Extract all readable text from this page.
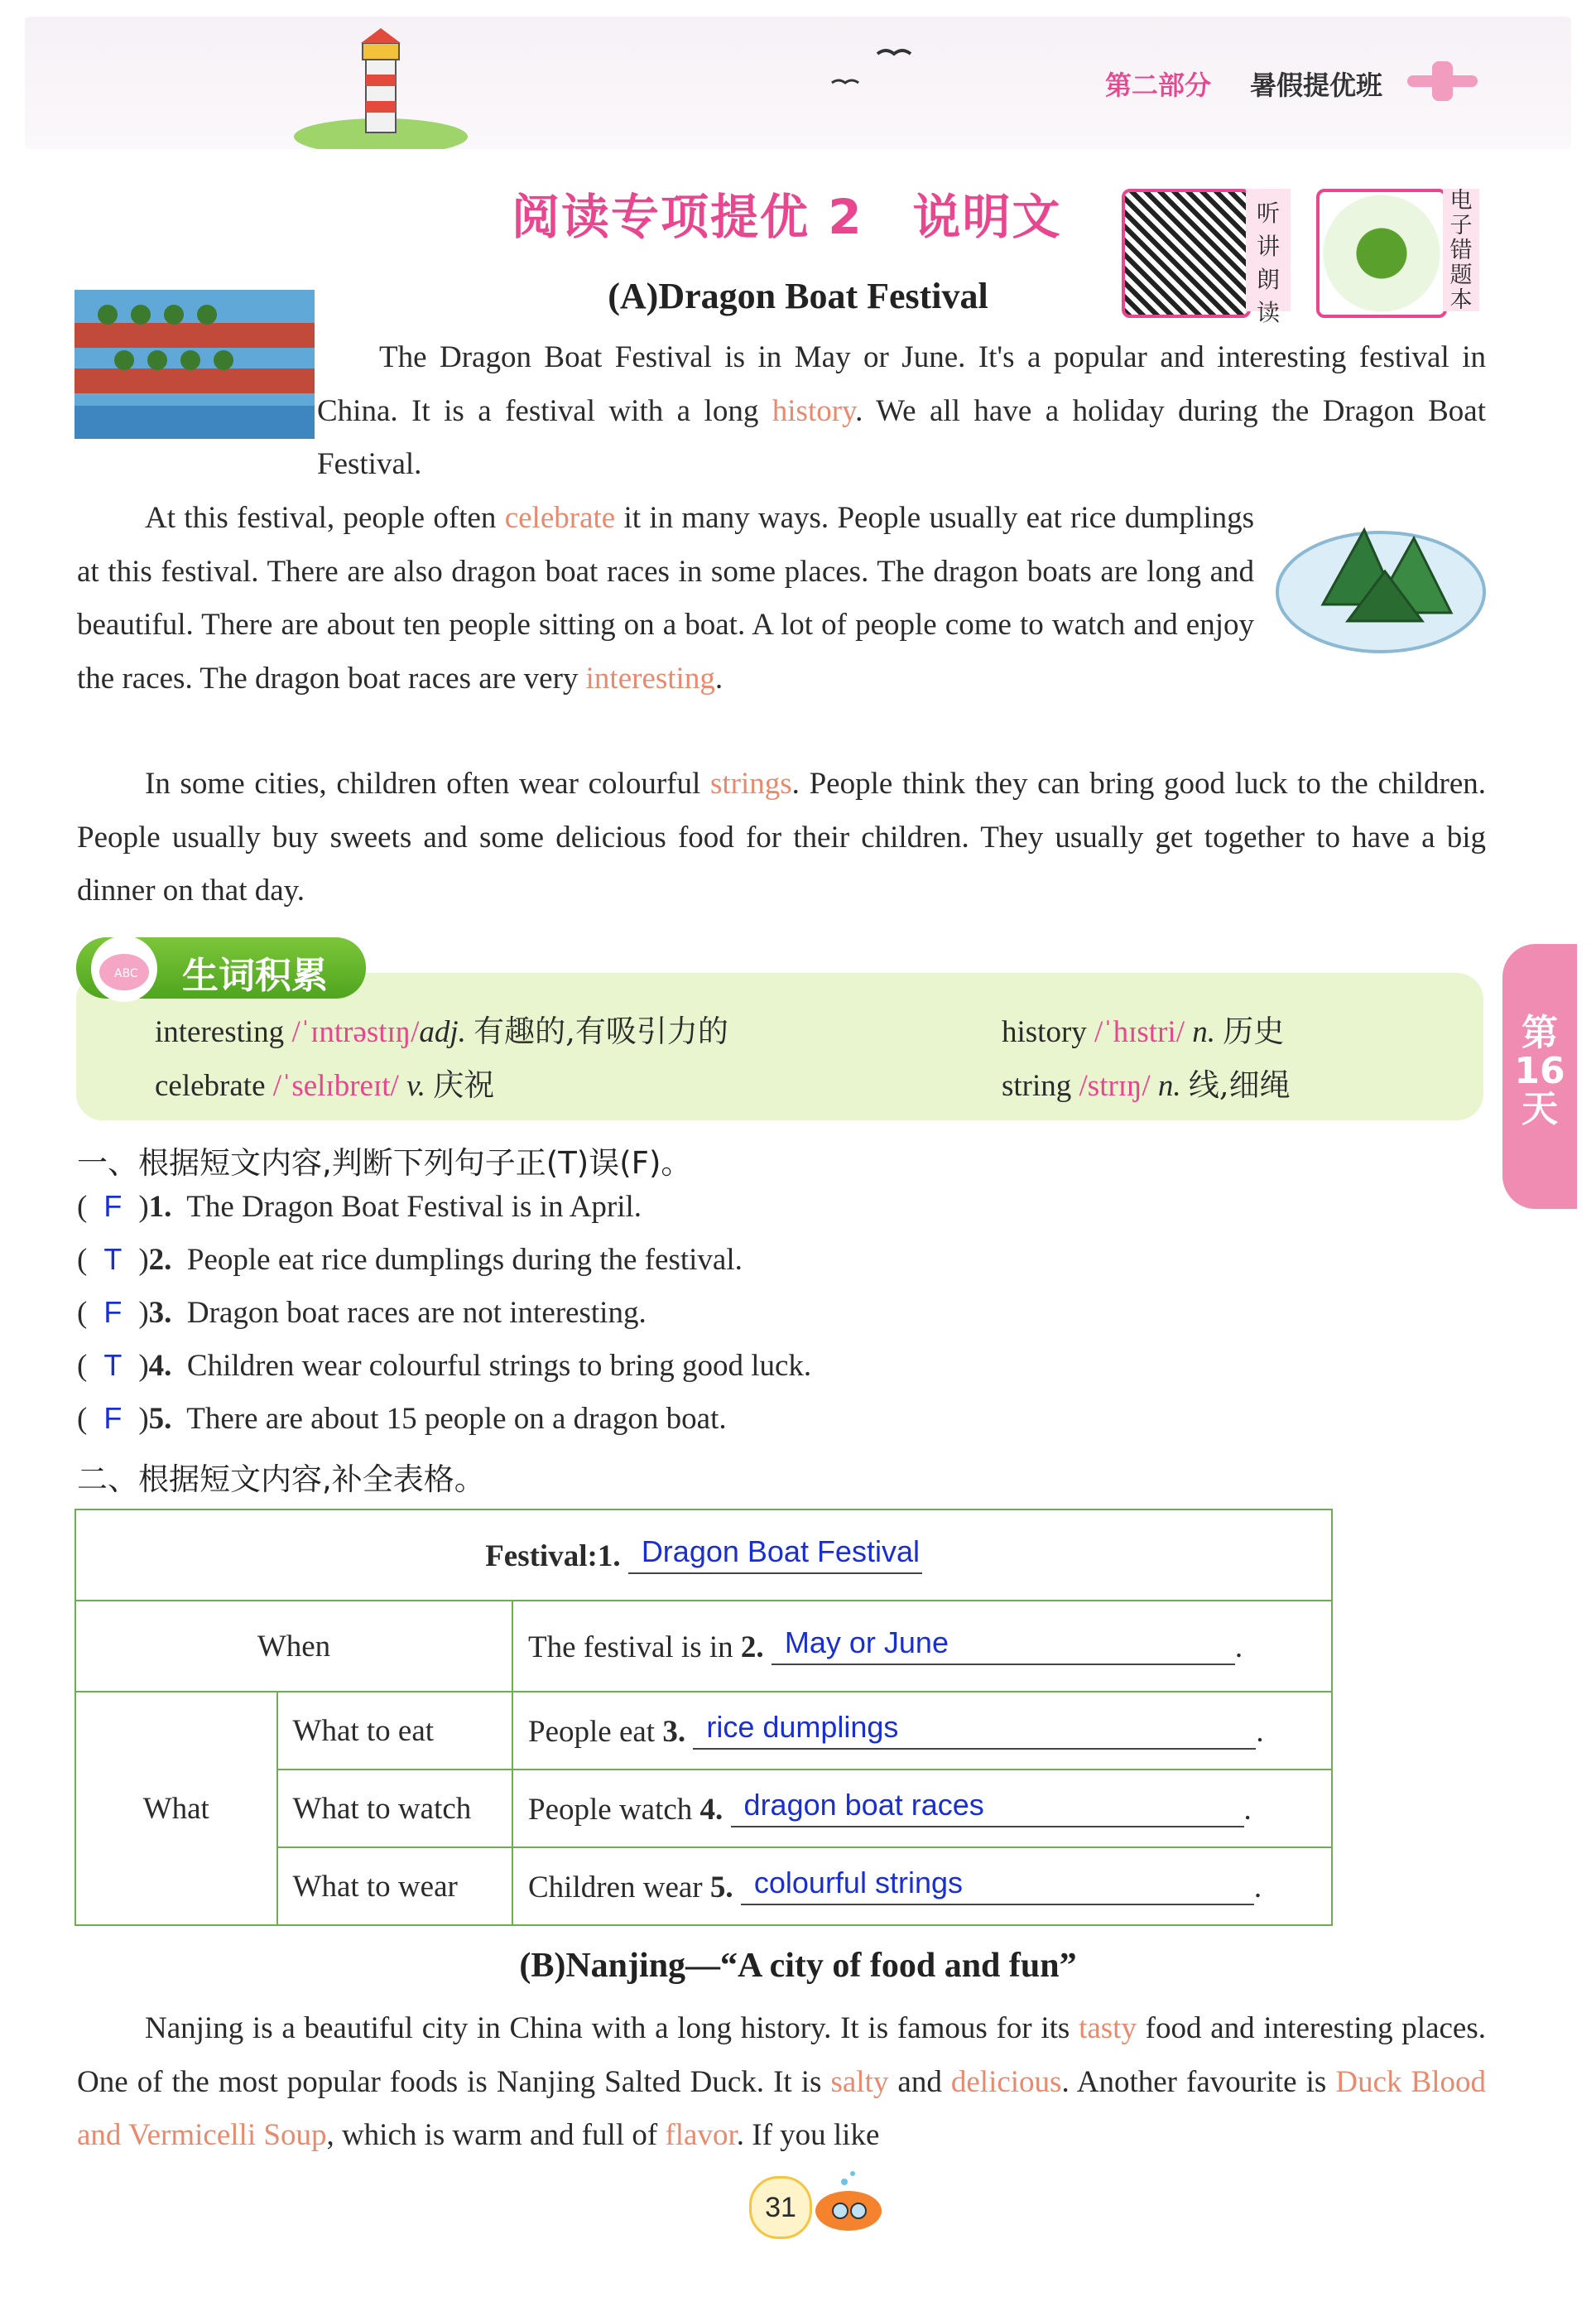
第二部分 暑假提优班
阅读专项提优 2　说明文	听讲朗读
电子错题本
(A)Dragon Boat Festival

The Dragon Boat Festival is in May or June. It's a popular and interesting festival in China. It is a festival with a long history. We all have a holiday during the Dragon Boat Festival.

At this festival, people often celebrate it in many ways. People usually eat rice dumplings at this festival. There are also dragon boat races in some places. The dragon boats are long and beautiful. There are about ten people sitting on a boat. A lot of people come to watch and enjoy the races. The dragon boat races are very interesting.

In some cities, children often wear colourful strings. People think they can bring good luck to the children. People usually buy sweets and some delicious food for their children. They usually get together to have a big dinner on that day.

ABC 生词积累
interesting /ˈɪntrəstɪŋ/adj. 有趣的,有吸引力的	history /ˈhɪstri/ n. 历史
celebrate /ˈselɪbreɪt/ v. 庆祝	string /strɪŋ/ n. 线,细绳
第
16
天
一、根据短文内容,判断下列句子正(T)误(F)。
( F )1. The Dragon Boat Festival is in April.
( T )2. People eat rice dumplings during the festival.
( F )3. Dragon boat races are not interesting.
( T )4. Children wear colourful strings to bring good luck.
( F )5. There are about 15 people on a dragon boat.
二、根据短文内容,补全表格。
Festival:1. Dragon Boat Festival		

When		The festival is in 2. May or June .
What	What to eat	People eat 3. rice dumplings .
	What to watch	People watch 4. dragon boat races .
	What to wear	Children wear 5. colourful strings .
(B)Nanjing—“A city of food and fun”

Nanjing is a beautiful city in China with a long history. It is famous for its tasty food and interesting places. One of the most popular foods is Nanjing Salted Duck. It is salty and delicious. Another favourite is Duck Blood and Vermicelli Soup, which is warm and full of flavor. If you like

31
